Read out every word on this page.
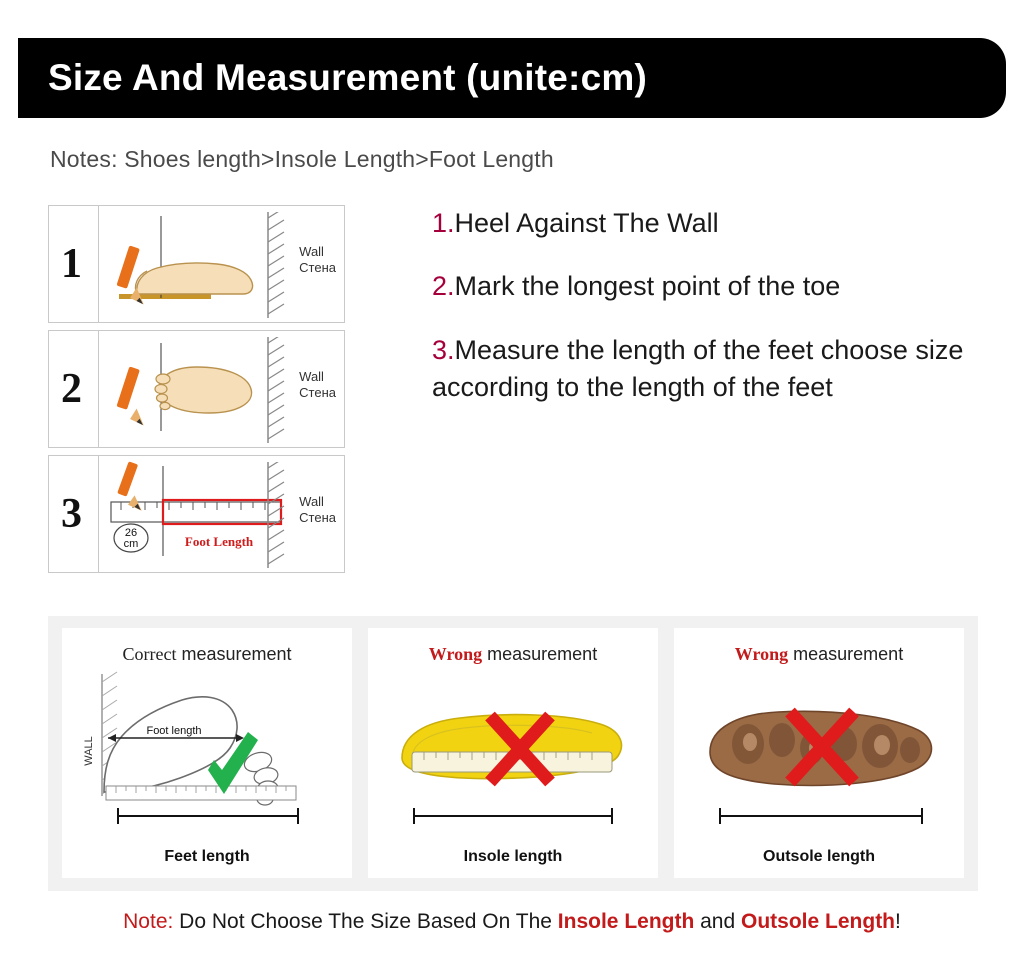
Size And Measurement (unite:cm)
Notes: Shoes length>Insole Length>Foot Length
1	Wall
Стена
2	Wall
Стена
3	26
cm	Foot Length
Wall
Стена
1.Heel Against The Wall
2.Mark the longest point of the toe
3.Measure the length of the feet choose size according to the length of the feet
Correct measurement
WALL
Foot length
Feet length
Wrong measurement
Insole length
Wrong measurement
Outsole length
Note: Do Not Choose The Size Based On The Insole Length and Outsole Length!
